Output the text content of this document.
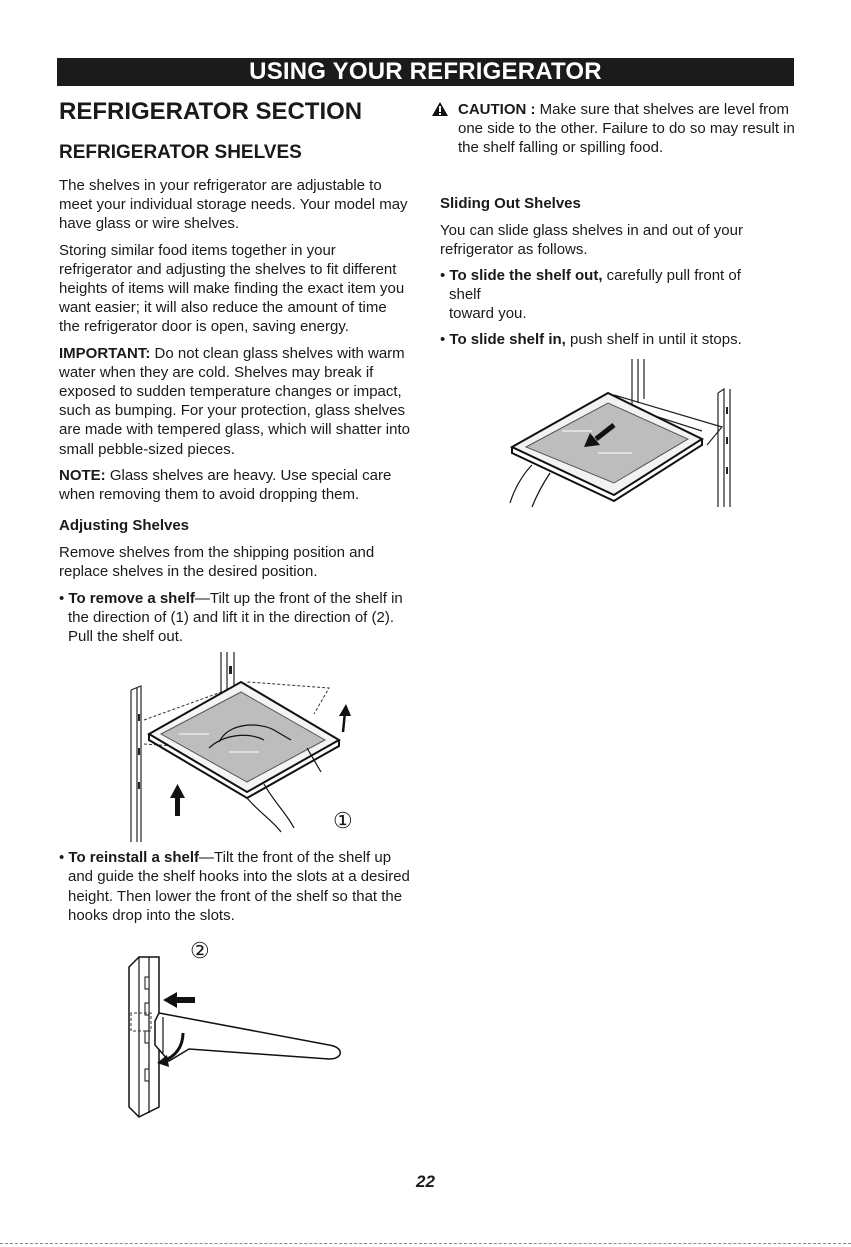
USING YOUR REFRIGERATOR
REFRIGERATOR SECTION
REFRIGERATOR SHELVES

The shelves in your refrigerator are adjustable to meet your individual storage needs. Your model may have glass or wire shelves.

Storing similar food items together in your refrigerator and adjusting the shelves to fit different heights of items will make finding the exact item you want easier; it will also reduce the amount of time the refrigerator door is open, saving energy.

IMPORTANT: Do not clean glass shelves with warm water when they are cold. Shelves may break if exposed to sudden temperature changes or impact, such as bumping. For your protection, glass shelves are made with tempered glass, which will shatter into small pebble-sized pieces.

NOTE: Glass shelves are heavy. Use special care when removing them to avoid dropping them.

Adjusting Shelves

Remove shelves from the shipping position and replace shelves in the desired position.

• To remove a shelf—Tilt up the front of the shelf in the direction of (1) and lift it in the direction of (2). Pull the shelf out.
①
②
• To reinstall a shelf—Tilt the front of the shelf up and guide the shelf hooks into the slots at a desired height. Then lower the front of the shelf so that the hooks drop into the slots.
CAUTION : Make sure that shelves are level from one side to the other. Failure to do so may result in the shelf falling or spilling food.
Sliding Out Shelves

You can slide glass shelves in and out of your refrigerator as follows.

• To slide the shelf out, carefully pull front of
shelf
toward you.
• To slide shelf in, push shelf in until it stops.
22
